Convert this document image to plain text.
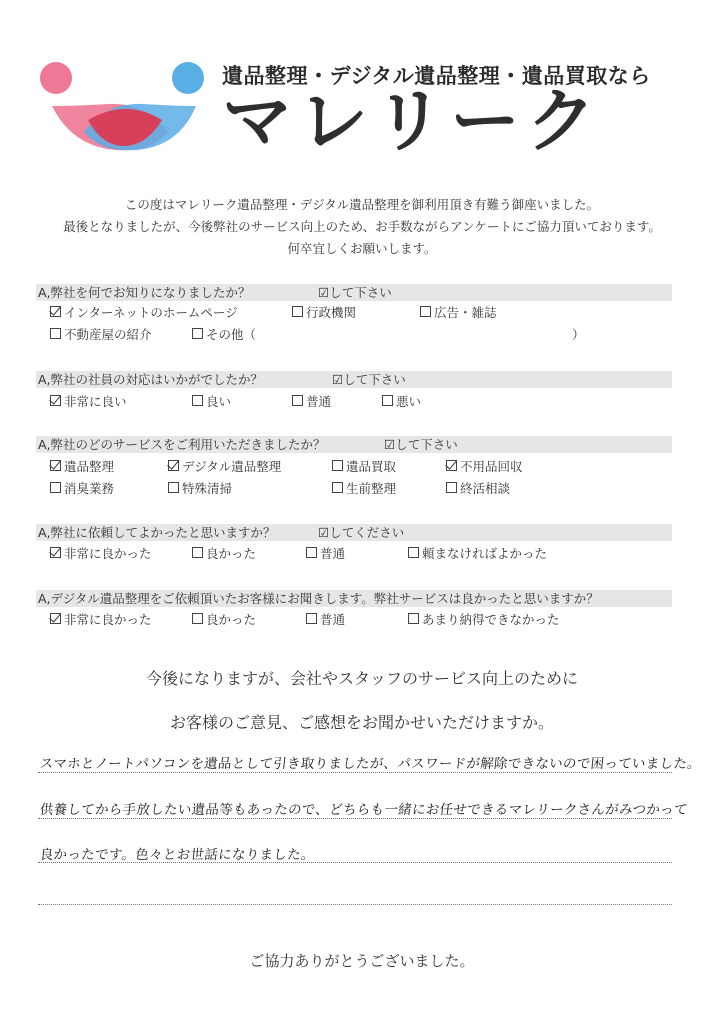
遺品整理・デジタル遺品整理・遺品買取なら
マレリーク
この度はマレリーク遺品整理・デジタル遺品整理を御利用頂き有難う御座いました。
最後となりましたが、今後弊社のサービス向上のため、お手数ながらアンケートにご協力頂いております。
何卒宜しくお願いします。
A,弊社を何でお知りになりましたか？	☑して下さい
インターネットのホームページ	行政機関	広告・雑誌
不動産屋の紹介	その他（	）
A,弊社の社員の対応はいかがでしたか？	☑して下さい
非常に良い	良い	普通	悪い
A,弊社のどのサービスをご利用いただきましたか？	☑して下さい
遺品整理	デジタル遺品整理	遺品買取	不用品回収
消臭業務	特殊清掃	生前整理	終活相談
A,弊社に依頼してよかったと思いますか？	☑してください
非常に良かった	良かった	普通	頼まなければよかった
A,デジタル遺品整理をご依頼頂いたお客様にお聞きします。弊社サービスは良かったと思いますか？
非常に良かった	良かった	普通	あまり納得できなかった
今後になりますが、会社やスタッフのサービス向上のために
お客様のご意見、ご感想をお聞かせいただけますか。
スマホとノートパソコンを遺品として引き取りましたが、パスワードが解除できないので困っていました。
供養してから手放したい遺品等もあったので、どちらも一緒にお任せできるマレリークさんがみつかって
良かったです。色々とお世話になりました。
ご協力ありがとうございました。
